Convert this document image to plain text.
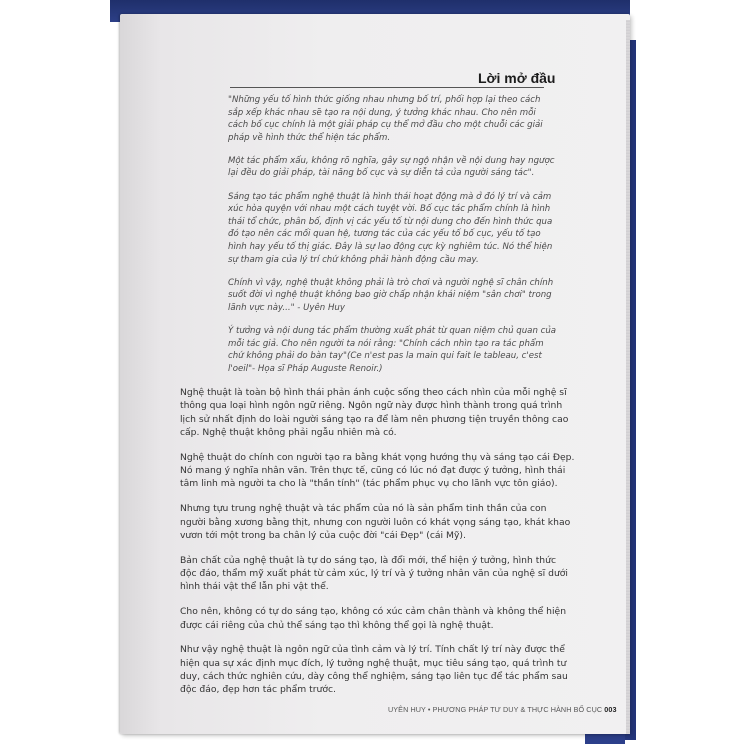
Lời mở đầu

"Những yếu tố hình thức giống nhau nhưng bố trí, phối hợp lại theo cách sắp xếp khác nhau sẽ tạo ra nội dung, ý tưởng khác nhau. Cho nên mỗi cách bố cục chính là một giải pháp cụ thể mở đầu cho một chuỗi các giải pháp về hình thức thể hiện tác phẩm.

Một tác phẩm xấu, không rõ nghĩa, gây sự ngộ nhận về nội dung hay ngược lại đều do giải pháp, tài năng bố cục và sự diễn tả của người sáng tác".

Sáng tạo tác phẩm nghệ thuật là hình thái hoạt động mà ở đó lý trí và cảm xúc hòa quyện với nhau một cách tuyệt vời. Bố cục tác phẩm chính là hình thái tổ chức, phân bố, định vị các yếu tố từ nội dung cho đến hình thức qua đó tạo nên các mối quan hệ, tương tác của các yếu tố bố cục, yếu tố tạo hình hay yếu tố thị giác. Đây là sự lao động cực kỳ nghiêm túc. Nó thể hiện sự tham gia của lý trí chứ không phải hành động cầu may.

Chính vì vậy, nghệ thuật không phải là trò chơi và người nghệ sĩ chân chính suốt đời vì nghệ thuật không bao giờ chấp nhận khái niệm "sân chơi" trong lãnh vực này..." - Uyên Huy

Ý tưởng và nội dung tác phẩm thường xuất phát từ quan niệm chủ quan của mỗi tác giả. Cho nên người ta nói rằng: "Chính cách nhìn tạo ra tác phẩm chứ không phải do bàn tay"(Ce n'est pas la main qui fait le tableau, c'est l'oeil"- Họa sĩ Pháp Auguste Renoir.)

Nghệ thuật là toàn bộ hình thái phản ánh cuộc sống theo cách nhìn của mỗi nghệ sĩ thông qua loại hình ngôn ngữ riêng. Ngôn ngữ này được hình thành trong quá trình lịch sử nhất định do loài người sáng tạo ra để làm nên phương tiện truyền thông cao cấp. Nghệ thuật không phải ngẫu nhiên mà có.

Nghệ thuật do chính con người tạo ra bằng khát vọng hướng thụ và sáng tạo cái Đẹp. Nó mang ý nghĩa nhân văn. Trên thực tế, cũng có lúc nó đạt được ý tưởng, hình thái tâm linh mà người ta cho là "thần tính" (tác phẩm phục vụ cho lãnh vực tôn giáo).

Nhưng tựu trung nghệ thuật và tác phẩm của nó là sản phẩm tinh thần của con người bằng xương bằng thịt, nhưng con người luôn có khát vọng sáng tạo, khát khao vươn tới một trong ba chân lý của cuộc đời "cái Đẹp" (cái Mỹ).

Bản chất của nghệ thuật là tự do sáng tạo, là đổi mới, thể hiện ý tưởng, hình thức độc đáo, thẩm mỹ xuất phát từ cảm xúc, lý trí và ý tưởng nhân văn của nghệ sĩ dưới hình thái vật thể lẫn phi vật thể.

Cho nên, không có tự do sáng tạo, không có xúc cảm chân thành và không thể hiện được cái riêng của chủ thể sáng tạo thì không thể gọi là nghệ thuật.

Như vậy nghệ thuật là ngôn ngữ của tình cảm và lý trí. Tính chất lý trí này được thể hiện qua sự xác định mục đích, lý tưởng nghệ thuật, mục tiêu sáng tạo, quá trình tư duy, cách thức nghiên cứu, dày công thể nghiệm, sáng tạo liên tục để tác phẩm sau độc đáo, đẹp hơn tác phẩm trước.

UYÊN HUY • PHƯƠNG PHÁP TƯ DUY & THỰC HÀNH BỐ CỤC 003
